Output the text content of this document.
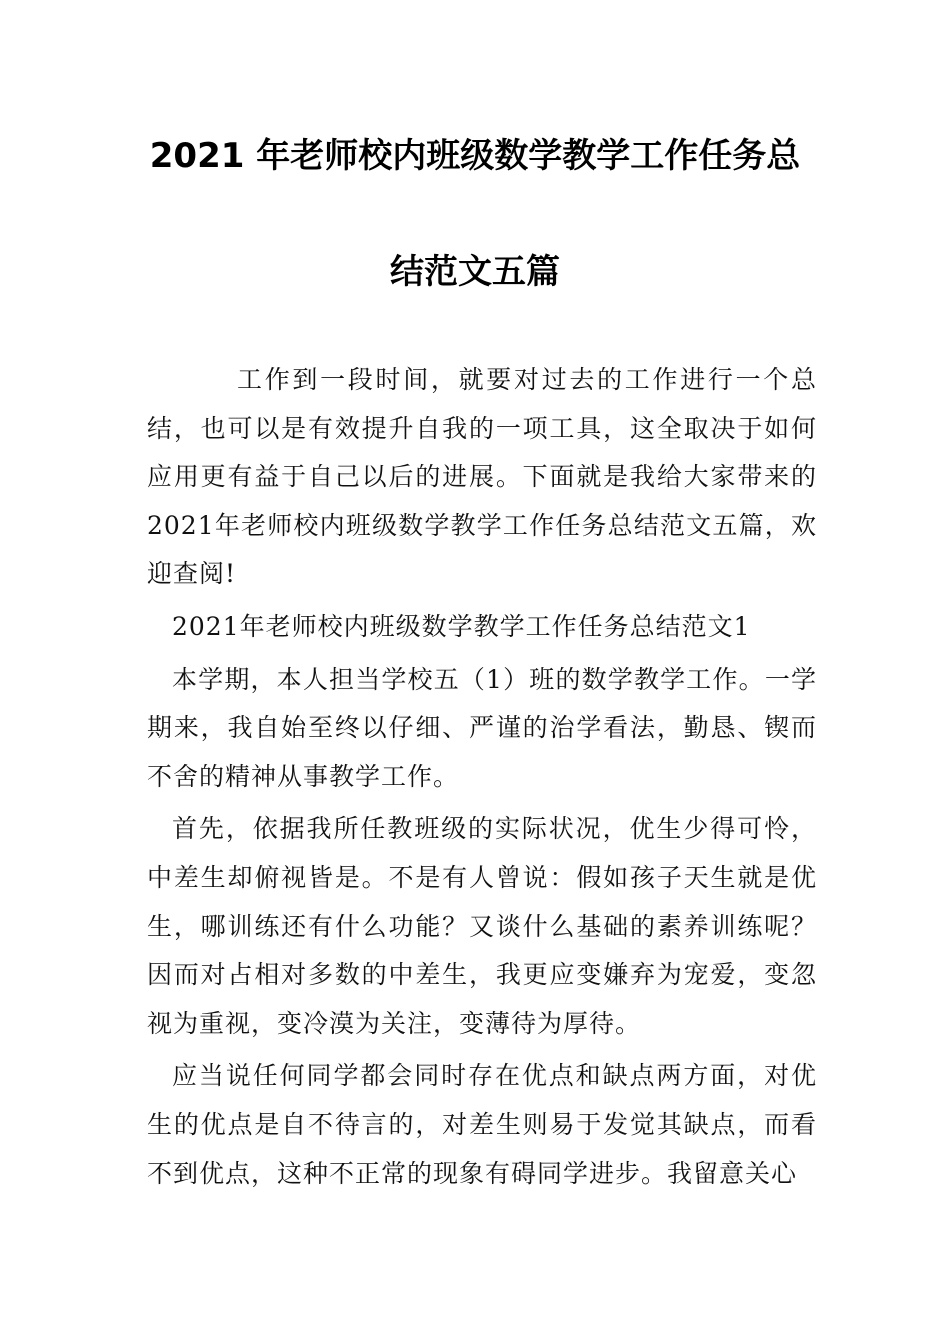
2021 年老师校内班级数学教学工作任务总
结范文五篇

工作到一段时间，就要对过去的工作进行一个总结，也可以是有效提升自我的一项工具，这全取决于如何应用更有益于自己以后的进展。下面就是我给大家带来的2021年老师校内班级数学教学工作任务总结范文五篇，欢迎查阅!

2021年老师校内班级数学教学工作任务总结范文1

本学期，本人担当学校五（1）班的数学教学工作。一学期来，我自始至终以仔细、严谨的治学看法，勤恳、锲而不舍的精神从事教学工作。

首先，依据我所任教班级的实际状况，优生少得可怜，中差生却俯视皆是。不是有人曾说：假如孩子天生就是优生，哪训练还有什么功能？又谈什么基础的素养训练呢？因而对占相对多数的中差生，我更应变嫌弃为宠爱，变忽视为重视，变冷漠为关注，变薄待为厚待。

应当说任何同学都会同时存在优点和缺点两方面，对优生的优点是自不待言的，对差生则易于发觉其缺点，而看不到优点，这种不正常的现象有碍同学进步。我留意关心
